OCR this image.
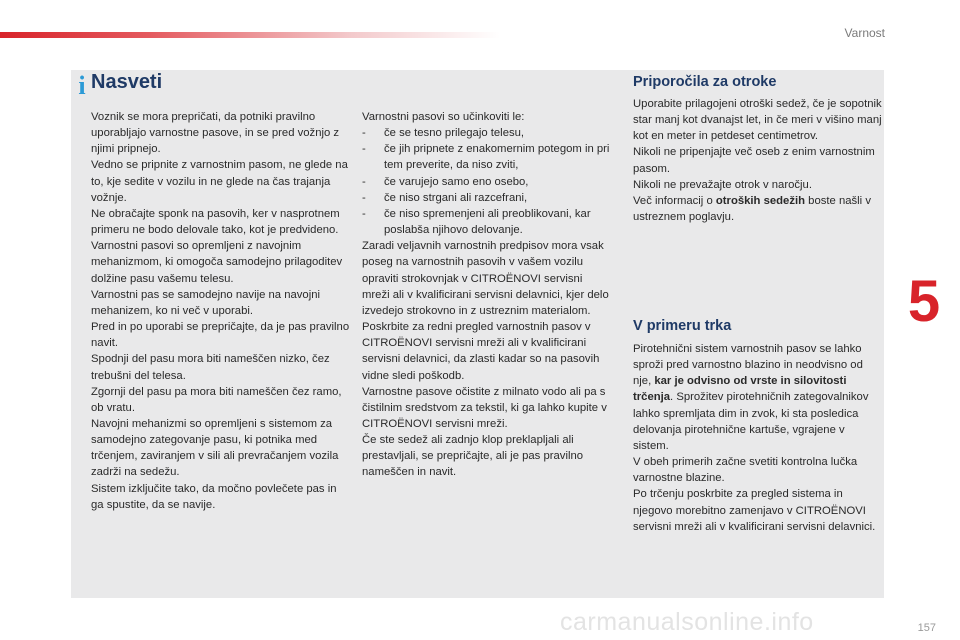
Varnost
i Nasveti

Voznik se mora prepričati, da potniki pravilno uporabljajo varnostne pasove, in se pred vožnjo z njimi pripnejo.

Vedno se pripnite z varnostnim pasom, ne glede na to, kje sedite v vozilu in ne glede na čas trajanja vožnje.

Ne obračajte sponk na pasovih, ker v nasprotnem primeru ne bodo delovale tako, kot je predvideno.

Varnostni pasovi so opremljeni z navojnim mehanizmom, ki omogoča samodejno prilagoditev dolžine pasu vašemu telesu.

Varnostni pas se samodejno navije na navojni mehanizem, ko ni več v uporabi.

Pred in po uporabi se prepričajte, da je pas pravilno navit.

Spodnji del pasu mora biti nameščen nizko, čez trebušni del telesa.

Zgornji del pasu pa mora biti nameščen čez ramo, ob vratu.

Navojni mehanizmi so opremljeni s sistemom za samodejno zategovanje pasu, ki potnika med trčenjem, zaviranjem v sili ali prevračanjem vozila zadrži na sedežu.

Sistem izključite tako, da močno povlečete pas in ga spustite, da se navije.

Varnostni pasovi so učinkoviti le:

-	če se tesno prilegajo telesu,
-	če jih pripnete z enakomernim potegom in pri tem preverite, da niso zviti,
-	če varujejo samo eno osebo,
-	če niso strgani ali razcefrani,
-	če niso spremenjeni ali preoblikovani, kar poslabša njihovo delovanje.

Zaradi veljavnih varnostnih predpisov mora vsak poseg na varnostnih pasovih v vašem vozilu opraviti strokovnjak v CITROËNOVI servisni mreži ali v kvalificirani servisni delavnici, kjer delo izvedejo strokovno in z ustreznim materialom.

Poskrbite za redni pregled varnostnih pasov v CITROËNOVI servisni mreži ali v kvalificirani servisni delavnici, da zlasti kadar so na pasovih vidne sledi poškodb.

Varnostne pasove očistite z milnato vodo ali pa s čistilnim sredstvom za tekstil, ki ga lahko kupite v CITROËNOVI servisni mreži.

Če ste sedež ali zadnjo klop preklapljali ali prestavljali, se prepričajte, ali je pas pravilno nameščen in navit.

Priporočila za otroke

Uporabite prilagojeni otroški sedež, če je sopotnik star manj kot dvanajst let, in če meri v višino manj kot en meter in petdeset centimetrov.

Nikoli ne pripenjajte več oseb z enim varnostnim pasom.

Nikoli ne prevažajte otrok v naročju.

Več informacij o otroških sedežih boste našli v ustreznem poglavju.

V primeru trka

Pirotehnični sistem varnostnih pasov se lahko sproži pred varnostno blazino in neodvisno od nje, kar je odvisno od vrste in silovitosti trčenja. Sprožitev pirotehničnih zategovalnikov lahko spremljata dim in zvok, ki sta posledica delovanja pirotehnične kartuše, vgrajene v sistem.

V obeh primerih začne svetiti kontrolna lučka varnostne blazine.

Po trčenju poskrbite za pregled sistema in njegovo morebitno zamenjavo v CITROËNOVI servisni mreži ali v kvalificirani servisni delavnici.

5
carmanualsonline.info	157
